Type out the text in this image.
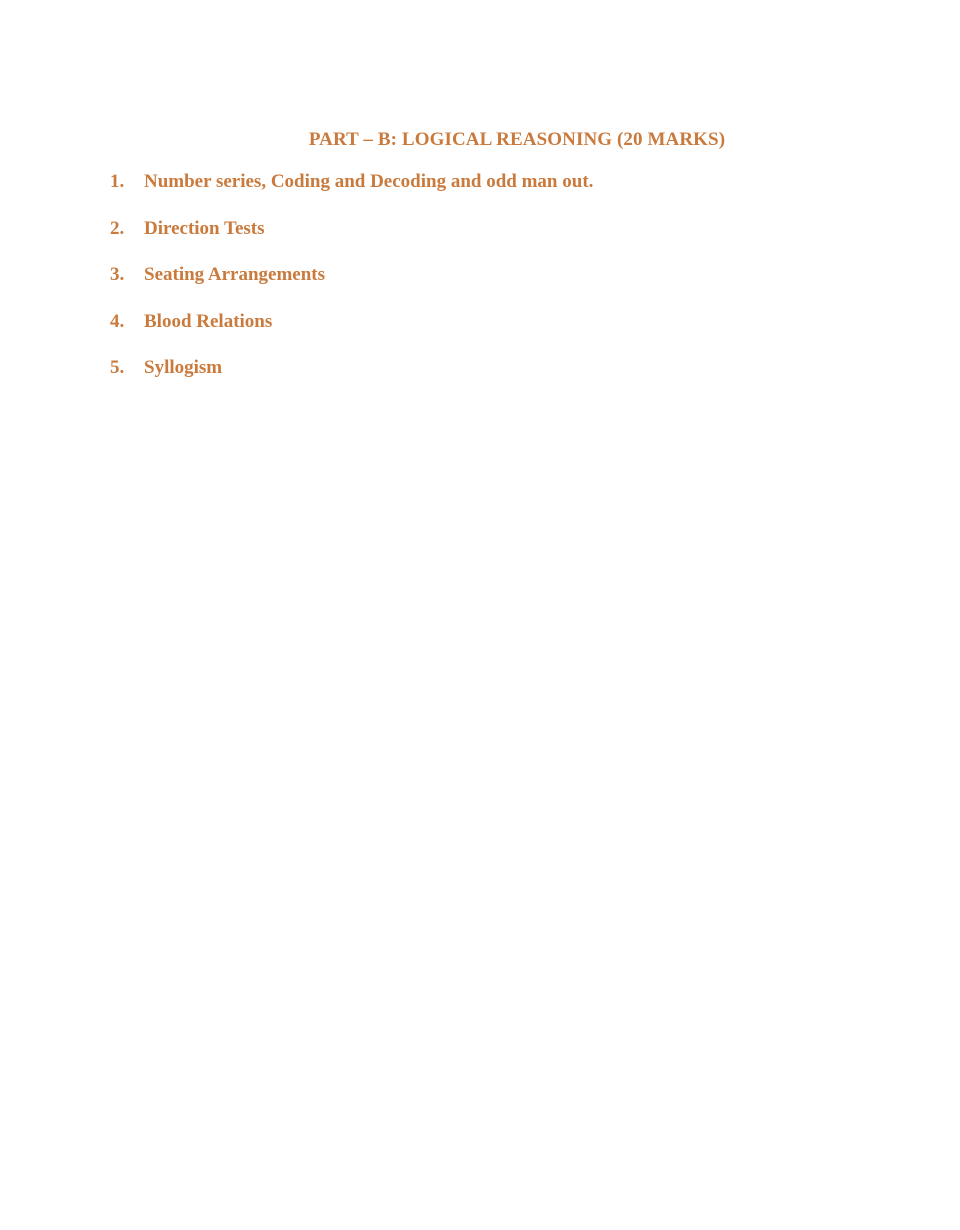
PART – B: LOGICAL REASONING (20 MARKS)
1.	Number series, Coding and Decoding and odd man out.
2.	Direction Tests
3.	Seating Arrangements
4.	Blood Relations
5.	Syllogism
